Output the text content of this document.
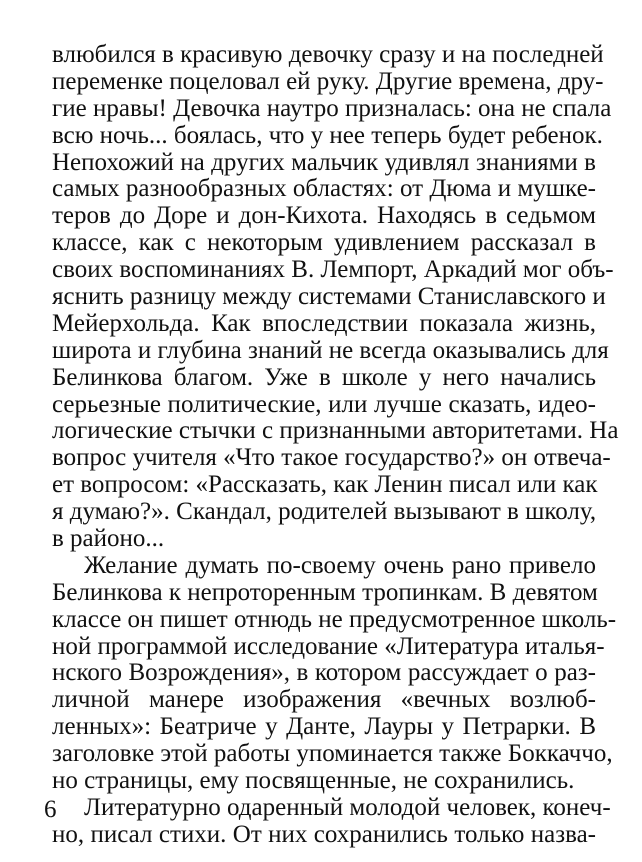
влюбился в красивую девочку сразу и на последней
переменке поцеловал ей руку. Другие времена, дру-
гие нравы! Девочка наутро призналась: она не спала
всю ночь... боялась, что у нее теперь будет ребенок.
Непохожий на других мальчик удивлял знаниями в
самых разнообразных областях: от Дюма и мушке-
теров до Доре и дон-Кихота. Находясь в седьмом
классе, как с некоторым удивлением рассказал в
своих воспоминаниях В. Лемпорт, Аркадий мог объ-
яснить разницу между системами Станиславского и
Мейерхольда. Как впоследствии показала жизнь,
широта и глубина знаний не всегда оказывались для
Белинкова благом. Уже в школе у него начались
серьезные политические, или лучше сказать, идео-
логические стычки с признанными авторитетами. На
вопрос учителя «Что такое государство?» он отвеча-
ет вопросом: «Рассказать, как Ленин писал или как
я думаю?». Скандал, родителей вызывают в школу,
в районо...
Желание думать по-своему очень рано привело
Белинкова к непроторенным тропинкам. В девятом
классе он пишет отнюдь не предусмотренное школь-
ной программой исследование «Литература италья-
нского Возрождения», в котором рассуждает о раз-
личной манере изображения «вечных возлюб-
ленных»: Беатриче у Данте, Лауры у Петрарки. В
заголовке этой работы упоминается также Боккаччо,
но страницы, ему посвященные, не сохранились.
Литературно одаренный молодой человек, конеч-
но, писал стихи. От них сохранились только назва-
6
